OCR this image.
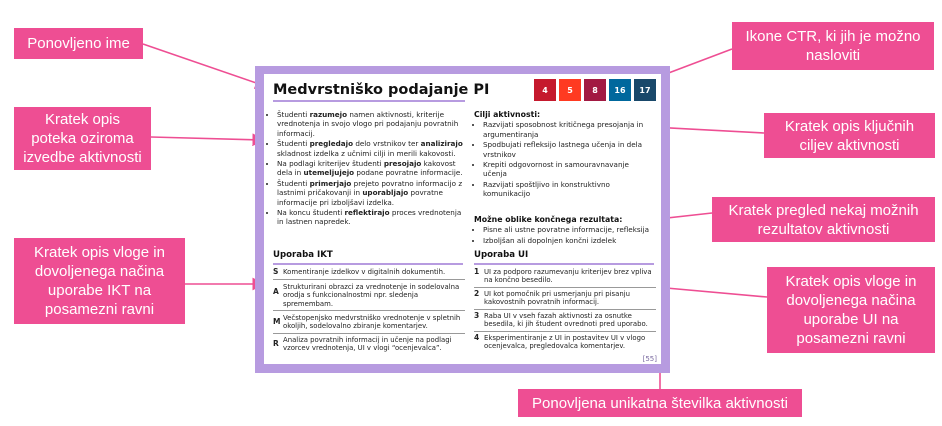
Ponovljeno ime	Ikone CTR, ki jih je možno nasloviti
Kratek opis poteka oziroma izvedbe aktivnosti
Kratek opis ključnih ciljev aktivnosti
Kratek pregled nekaj možnih rezultatov aktivnosti
Kratek opis vloge in dovoljenega načina uporabe IKT na posamezni ravni
Kratek opis vloge in dovoljenega načina uporabe UI na posamezni ravni
Ponovljena unikatna številka aktivnosti
Medvrstniško podajanje PI	4 5 8 16 17
• Študenti razumejo namen aktivnosti, kriterije vrednotenja in svojo vlogo pri podajanju povratnih informacij.
• Študenti pregledajo delo vrstnikov ter analizirajo skladnost izdelka z učnimi cilji in merili kakovosti.
• Na podlagi kriterijev študenti presojajo kakovost dela in utemeljujejo podane povratne informacije.
• Študenti primerjajo prejeto povratno informacijo z lastnimi pričakovanji in uporabljajo povratne informacije pri izboljšavi izdelka.
• Na koncu študenti reflektirajo proces vrednotenja in lastnen napredek.
Cilji aktivnosti:
• Razvijati sposobnost kritičnega presojanja in argumentiranja
• Spodbujati refleksijo lastnega učenja in dela vrstnikov
• Krepiti odgovornost in samouravnavanje učenja
• Razvijati spoštljivo in konstruktivno komunikacijo
Možne oblike končnega rezultata:
• Pisne ali ustne povratne informacije, refleksija
• Izboljšan ali dopolnjen končni izdelek
Uporaba IKT
S Komentiranje izdelkov v digitalnih dokumentih.
A Strukturirani obrazci za vrednotenje in sodelovalna orodja s funkcionalnostmi npr. sledenja spremembam.
M Večstopenjsko medvrstniško vrednotenje v spletnih okoljih, sodelovalno zbiranje komentarjev.
R Analiza povratnih informacij in učenje na podlagi vzorcev vrednotenja, UI v vlogi “ocenjevalca”.
Uporaba UI
1 UI za podporo razumevanju kriterijev brez vpliva na končno besedilo.
2 UI kot pomočnik pri usmerjanju pri pisanju kakovostnih povratnih informacij.
3 Raba UI v vseh fazah aktivnosti za osnutke besedila, ki jih študent ovrednoti pred uporabo.
4 Eksperimentiranje z UI in postavitev UI v vlogo ocenjevalca, pregledovalca komentarjev.
[55]
